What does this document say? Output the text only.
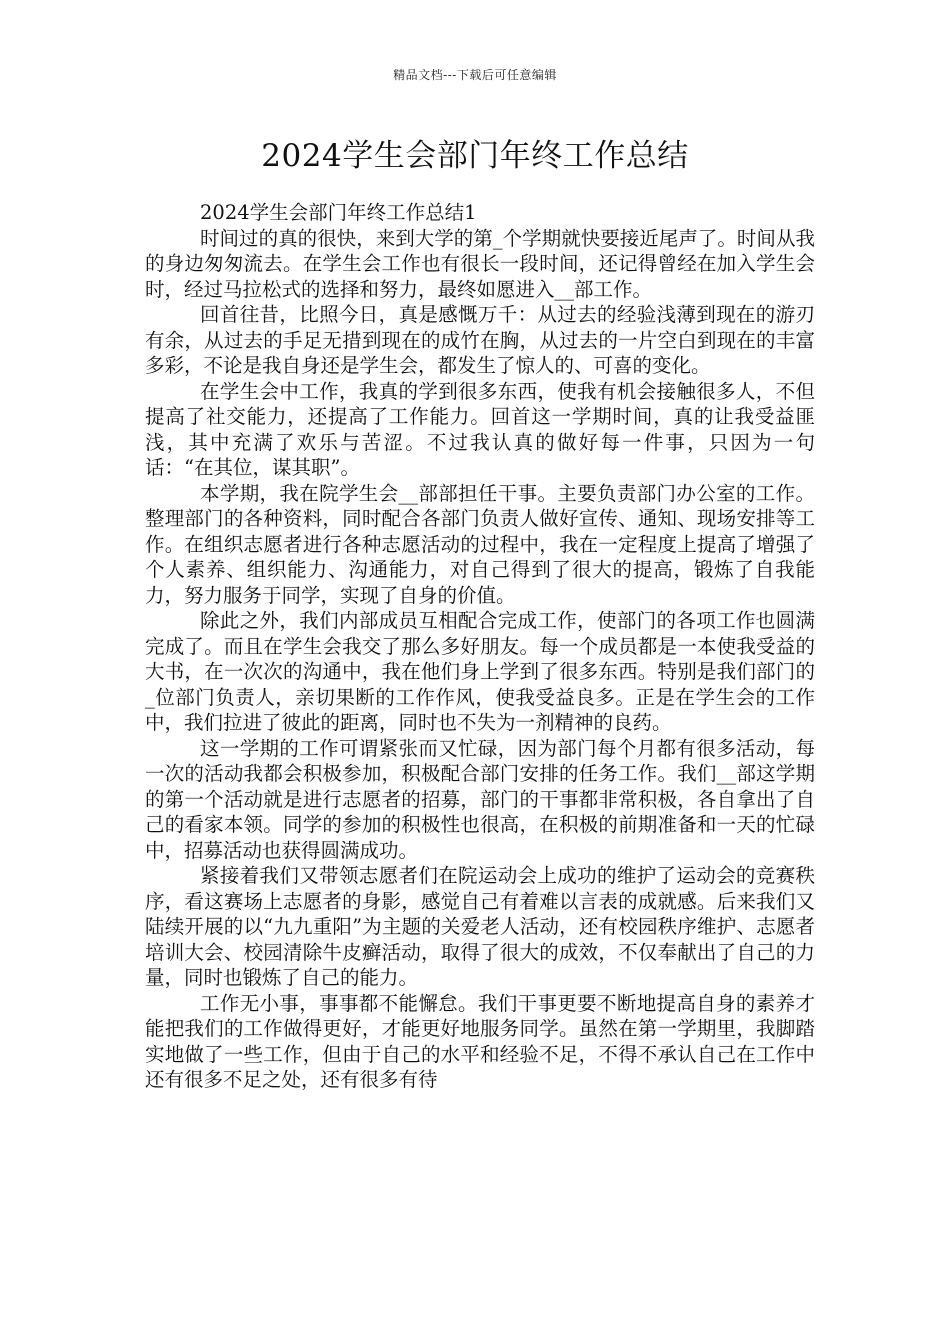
精品文档---下载后可任意编辑
2024学生会部门年终工作总结

2024学生会部门年终工作总结1

时间过的真的很快，来到大学的第_个学期就快要接近尾声了。时间从我的身边匆匆流去。在学生会工作也有很长一段时间，还记得曾经在加入学生会时，经过马拉松式的选择和努力，最终如愿进入__部工作。

回首往昔，比照今日，真是感慨万千：从过去的经验浅薄到现在的游刃有余，从过去的手足无措到现在的成竹在胸，从过去的一片空白到现在的丰富多彩，不论是我自身还是学生会，都发生了惊人的、可喜的变化。

在学生会中工作，我真的学到很多东西，使我有机会接触很多人，不但提高了社交能力，还提高了工作能力。回首这一学期时间，真的让我受益匪浅，其中充满了欢乐与苦涩。不过我认真的做好每一件事，只因为一句话：“在其位，谋其职”。

本学期，我在院学生会__部部担任干事。主要负责部门办公室的工作。整理部门的各种资料，同时配合各部门负责人做好宣传、通知、现场安排等工作。在组织志愿者进行各种志愿活动的过程中，我在一定程度上提高了增强了个人素养、组织能力、沟通能力，对自己得到了很大的提高，锻炼了自我能力，努力服务于同学，实现了自身的价值。

除此之外，我们内部成员互相配合完成工作，使部门的各项工作也圆满完成了。而且在学生会我交了那么多好朋友。每一个成员都是一本使我受益的大书，在一次次的沟通中，我在他们身上学到了很多东西。特别是我们部门的_位部门负责人，亲切果断的工作作风，使我受益良多。正是在学生会的工作中，我们拉进了彼此的距离，同时也不失为一剂精神的良药。

这一学期的工作可谓紧张而又忙碌，因为部门每个月都有很多活动，每一次的活动我都会积极参加，积极配合部门安排的任务工作。我们__部这学期的第一个活动就是进行志愿者的招募，部门的干事都非常积极，各自拿出了自己的看家本领。同学的参加的积极性也很高，在积极的前期准备和一天的忙碌中，招募活动也获得圆满成功。

紧接着我们又带领志愿者们在院运动会上成功的维护了运动会的竞赛秩序，看这赛场上志愿者的身影，感觉自己有着难以言表的成就感。后来我们又陆续开展的以“九九重阳”为主题的关爱老人活动，还有校园秩序维护、志愿者培训大会、校园清除牛皮癣活动，取得了很大的成效，不仅奉献出了自己的力量，同时也锻炼了自己的能力。

工作无小事，事事都不能懈怠。我们干事更要不断地提高自身的素养才能把我们的工作做得更好，才能更好地服务同学。虽然在第一学期里，我脚踏实地做了一些工作，但由于自己的水平和经验不足，不得不承认自己在工作中还有很多不足之处，还有很多有待
